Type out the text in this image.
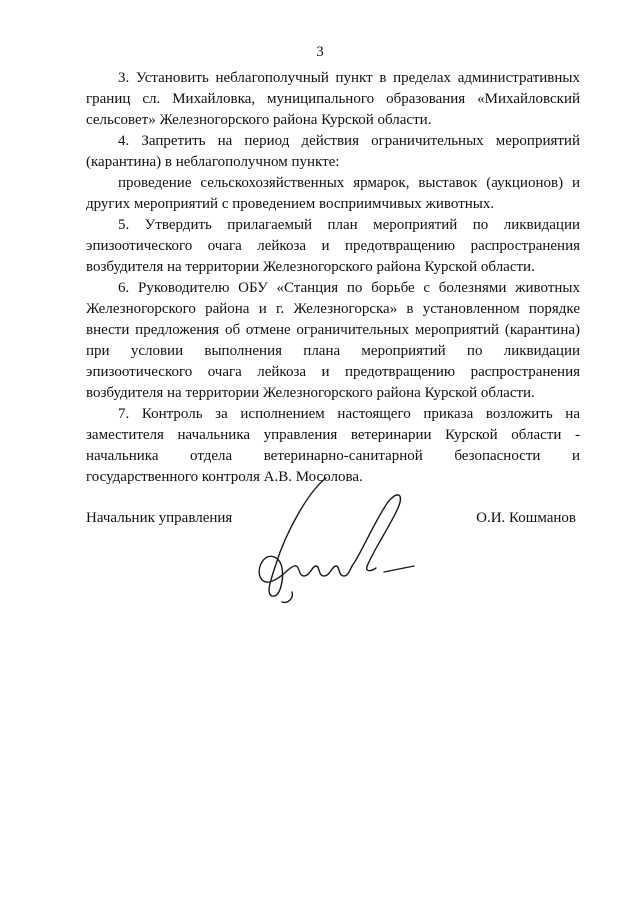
3

3. Установить неблагополучный пункт в пределах административных границ сл. Михайловка, муниципального образования «Михайловский сельсовет» Железногорского района Курской области.

4. Запретить на период действия ограничительных мероприятий (карантина) в неблагополучном пункте:

проведение сельскохозяйственных ярмарок, выставок (аукционов) и других мероприятий с проведением восприимчивых животных.

5. Утвердить прилагаемый план мероприятий по ликвидации эпизоотического очага лейкоза и предотвращению распространения возбудителя на территории Железногорского района Курской области.

6. Руководителю ОБУ «Станция по борьбе с болезнями животных Железногорского района и г. Железногорска» в установленном порядке внести предложения об отмене ограничительных мероприятий (карантина) при условии выполнения плана мероприятий по ликвидации эпизоотического очага лейкоза и предотвращению распространения возбудителя на территории Железногорского района Курской области.

7. Контроль за исполнением настоящего приказа возложить на заместителя начальника управления ветеринарии Курской области - начальника отдела ветеринарно-санитарной безопасности и государственного контроля А.В. Мосолова.

Начальник управления	О.И. Кошманов
